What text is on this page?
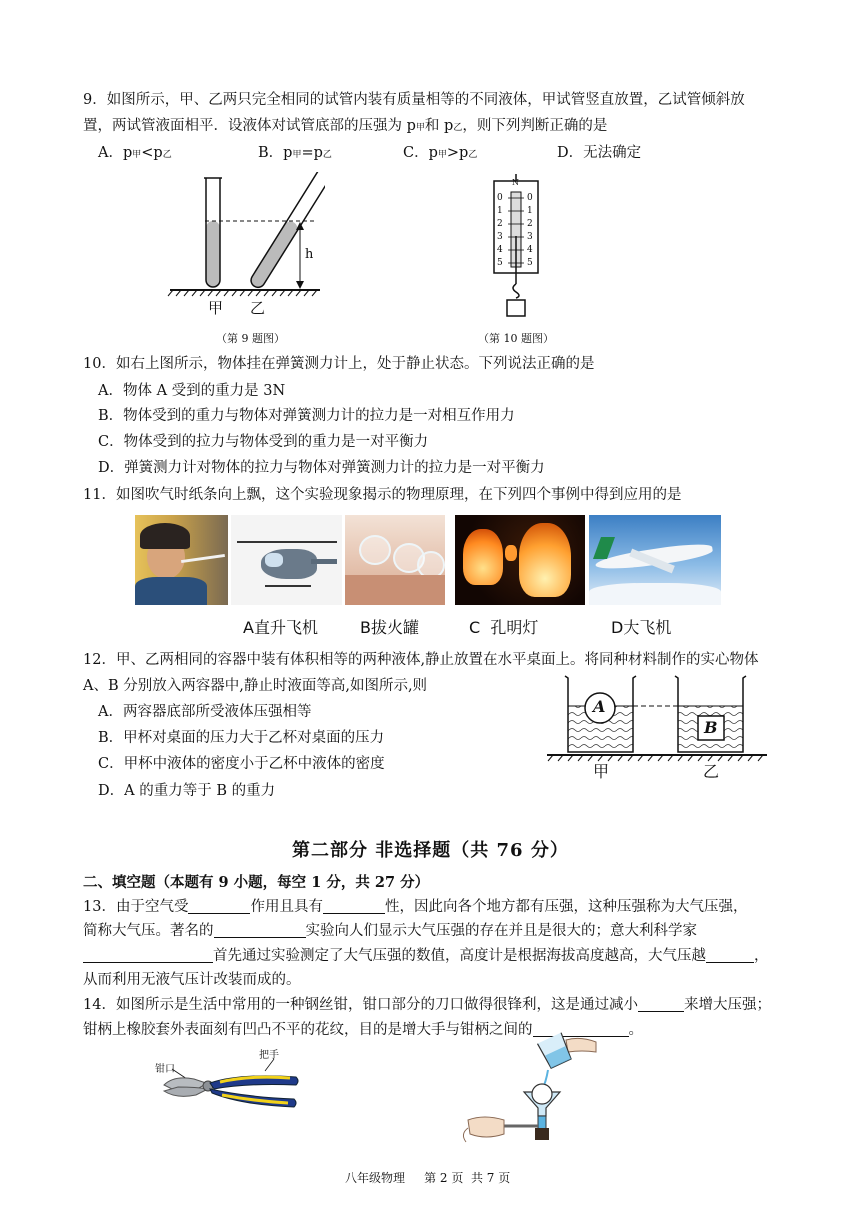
9．如图所示，甲、乙两只完全相同的试管内装有质量相等的不同液体，甲试管竖直放置，乙试管倾斜放
置，两试管液面相平．设液体对试管底部的压强为 p甲和 p乙，则下列判断正确的是
A．p甲<p乙	B．p甲=p乙	C．p甲>p乙	D．无法确定
h
甲 乙
（第 9 题图）
N
0
1
2
3
4
5
0
1
2
3
4
5
（第 10 题图）
10．如右上图所示，物体挂在弹簧测力计上，处于静止状态。下列说法正确的是
A．物体 A 受到的重力是 3N
B．物体受到的重力与物体对弹簧测力计的拉力是一对相互作用力
C．物体受到的拉力与物体受到的重力是一对平衡力
D．弹簧测力计对物体的拉力与物体对弹簧测力计的拉力是一对平衡力
11．如图吹气时纸条向上飘，这个实验现象揭示的物理原理，在下列四个事例中得到应用的是
A直升飞机	B拔火罐	C  孔明灯	D大飞机
12．甲、乙两相同的容器中装有体积相等的两种液体,静止放置在水平桌面上。将同种材料制作的实心物体
A、B 分别放入两容器中,静止时液面等高,如图所示,则
A．两容器底部所受液体压强相等
B．甲杯对桌面的压力大于乙杯对桌面的压力
C．甲杯中液体的密度小于乙杯中液体的密度
D．A 的重力等于 B 的重力
A
B
甲	乙
第二部分 非选择题（共 76 分）
二、填空题（本题有 9 小题，每空 1 分，共 27 分）
13．由于空气受	作用且具有	性，因此向各个地方都有压强，这种压强称为大气压强，
简称大气压。著名的	实验向人们显示大气压强的存在并且是很大的；意大利科学家
首先通过实验测定了大气压强的数值，高度计是根据海拔高度越高，大气压越	，
从而利用无液气压计改装而成的。
14．如图所示是生活中常用的一种钢丝钳，钳口部分的刀口做得很锋利，这是通过减小	来增大压强；
钳柄上橡胶套外表面刻有凹凸不平的花纹，目的是增大手与钳柄之间的	。
钳口
把手
八年级物理     第 2 页  共 7 页
